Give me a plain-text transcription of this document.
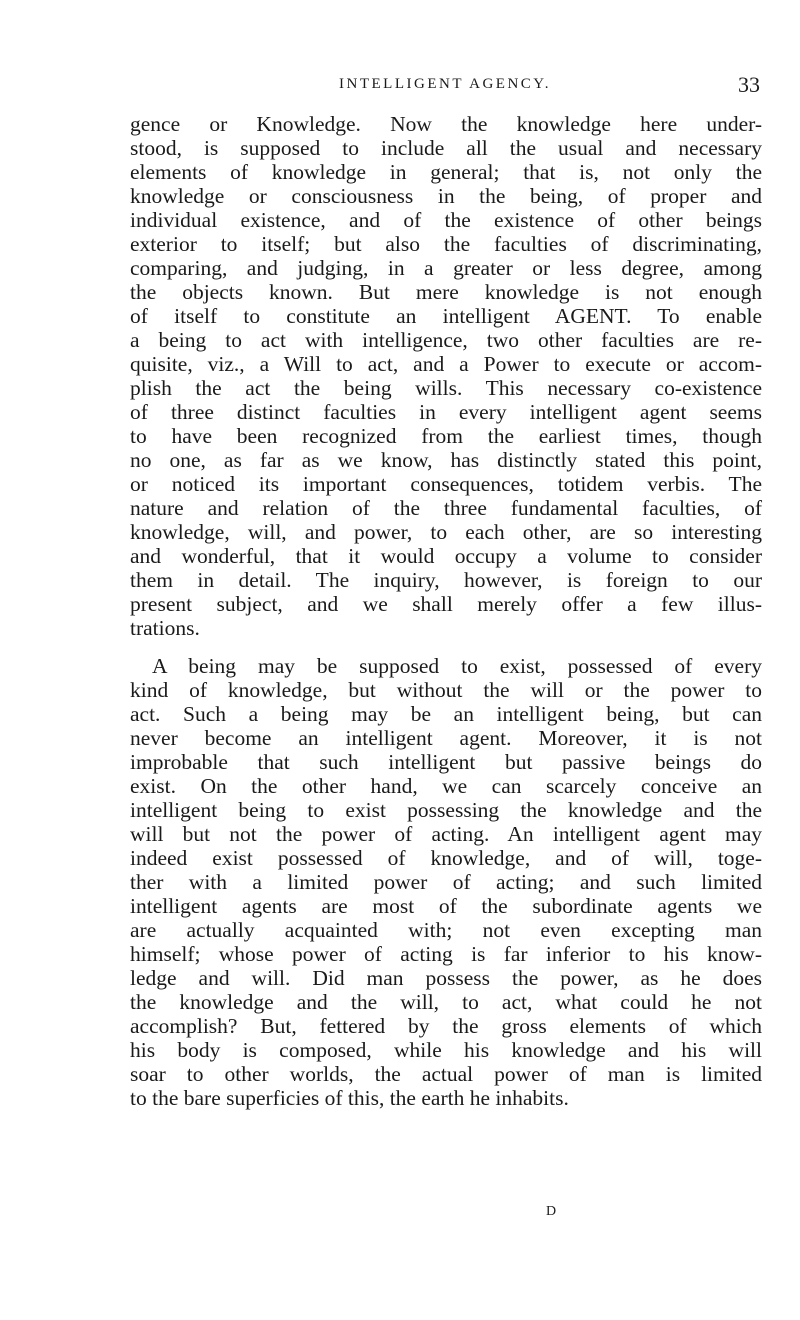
INTELLIGENT AGENCY.	33
gence or Knowledge. Now the knowledge here under-
stood, is supposed to include all the usual and necessary
elements of knowledge in general; that is, not only the
knowledge or consciousness in the being, of proper and
individual existence, and of the existence of other beings
exterior to itself; but also the faculties of discriminating,
comparing, and judging, in a greater or less degree, among
the objects known. But mere knowledge is not enough
of itself to constitute an intelligent AGENT. To enable
a being to act with intelligence, two other faculties are re-
quisite, viz., a Will to act, and a Power to execute or accom-
plish the act the being wills. This necessary co-existence
of three distinct faculties in every intelligent agent seems
to have been recognized from the earliest times, though
no one, as far as we know, has distinctly stated this point,
or noticed its important consequences, totidem verbis. The
nature and relation of the three fundamental faculties, of
knowledge, will, and power, to each other, are so interesting
and wonderful, that it would occupy a volume to consider
them in detail. The inquiry, however, is foreign to our
present subject, and we shall merely offer a few illus-
trations.
A being may be supposed to exist, possessed of every
kind of knowledge, but without the will or the power to
act. Such a being may be an intelligent being, but can
never become an intelligent agent. Moreover, it is not
improbable that such intelligent but passive beings do
exist. On the other hand, we can scarcely conceive an
intelligent being to exist possessing the knowledge and the
will but not the power of acting. An intelligent agent may
indeed exist possessed of knowledge, and of will, toge-
ther with a limited power of acting; and such limited
intelligent agents are most of the subordinate agents we
are actually acquainted with; not even excepting man
himself; whose power of acting is far inferior to his know-
ledge and will. Did man possess the power, as he does
the knowledge and the will, to act, what could he not
accomplish? But, fettered by the gross elements of which
his body is composed, while his knowledge and his will
soar to other worlds, the actual power of man is limited
to the bare superficies of this, the earth he inhabits.
D
